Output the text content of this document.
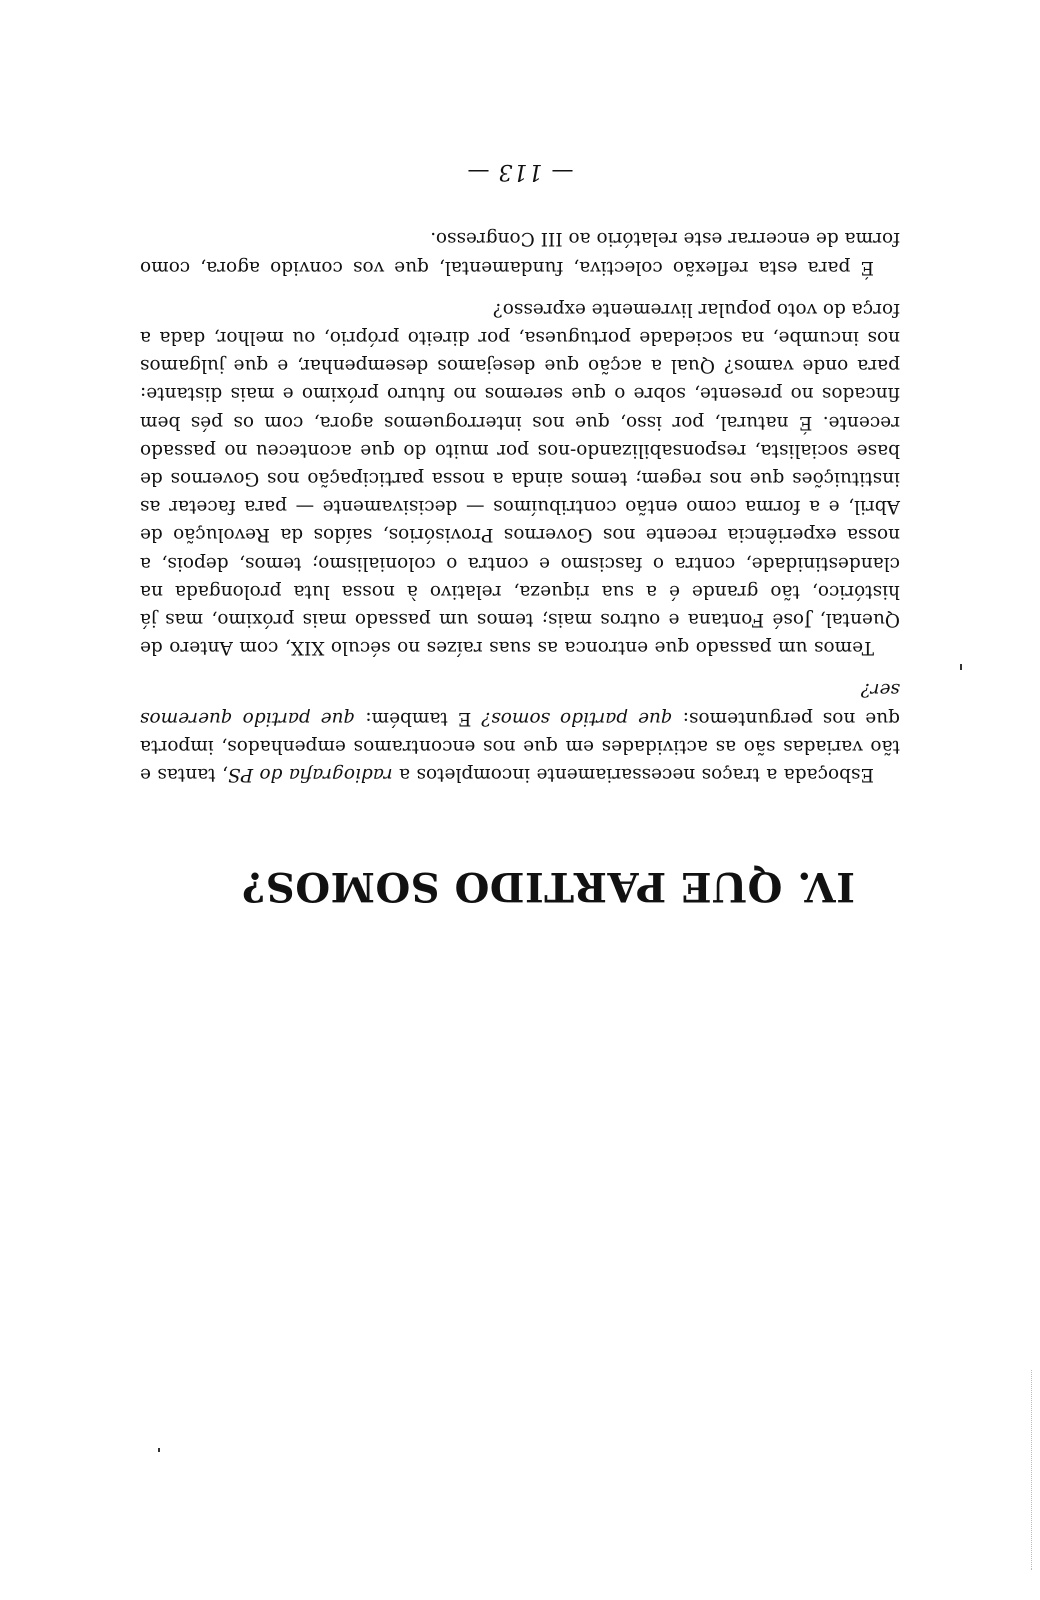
IV. QUE PARTIDO SOMOS?

Esboçada a traços necessariamente incompletos a radiografia do PS, tantas e tão variadas são as actividades em que nos encontramos empenhados, importa que nos perguntemos: que partido somos? E também: que partido queremos ser?

Temos um passado que entronca as suas raízes no século XIX, com Antero de Quental, José Fontana e outros mais; temos um passado mais próximo, mas já histórico, tão grande é a sua riqueza, relativo à nossa luta prolongada na clandestinidade, contra o fascismo e contra o colonialismo; temos, depois, a nossa experiência recente nos Governos Provisórios, saídos da Revolução de Abril, e a forma como então contribuímos — decisivamente — para facetar as instituições que nos regem; temos ainda a nossa participação nos Governos de base socialista, responsabilizando-nos por muito do que aconteceu no passado recente. É natural, por isso, que nos interroguemos agora, com os pés bem fincados no presente, sobre o que seremos no futuro próximo e mais distante: para onde vamos? Qual a acção que desejamos desempenhar, e que julgamos nos incumbe, na sociedade portuguesa, por direito próprio, ou melhor, dada a força do voto popular livremente expresso?

É para esta reflexão colectiva, fundamental, que vos convido agora, como forma de encerrar este relatório ao III Congresso.

— 113 —
